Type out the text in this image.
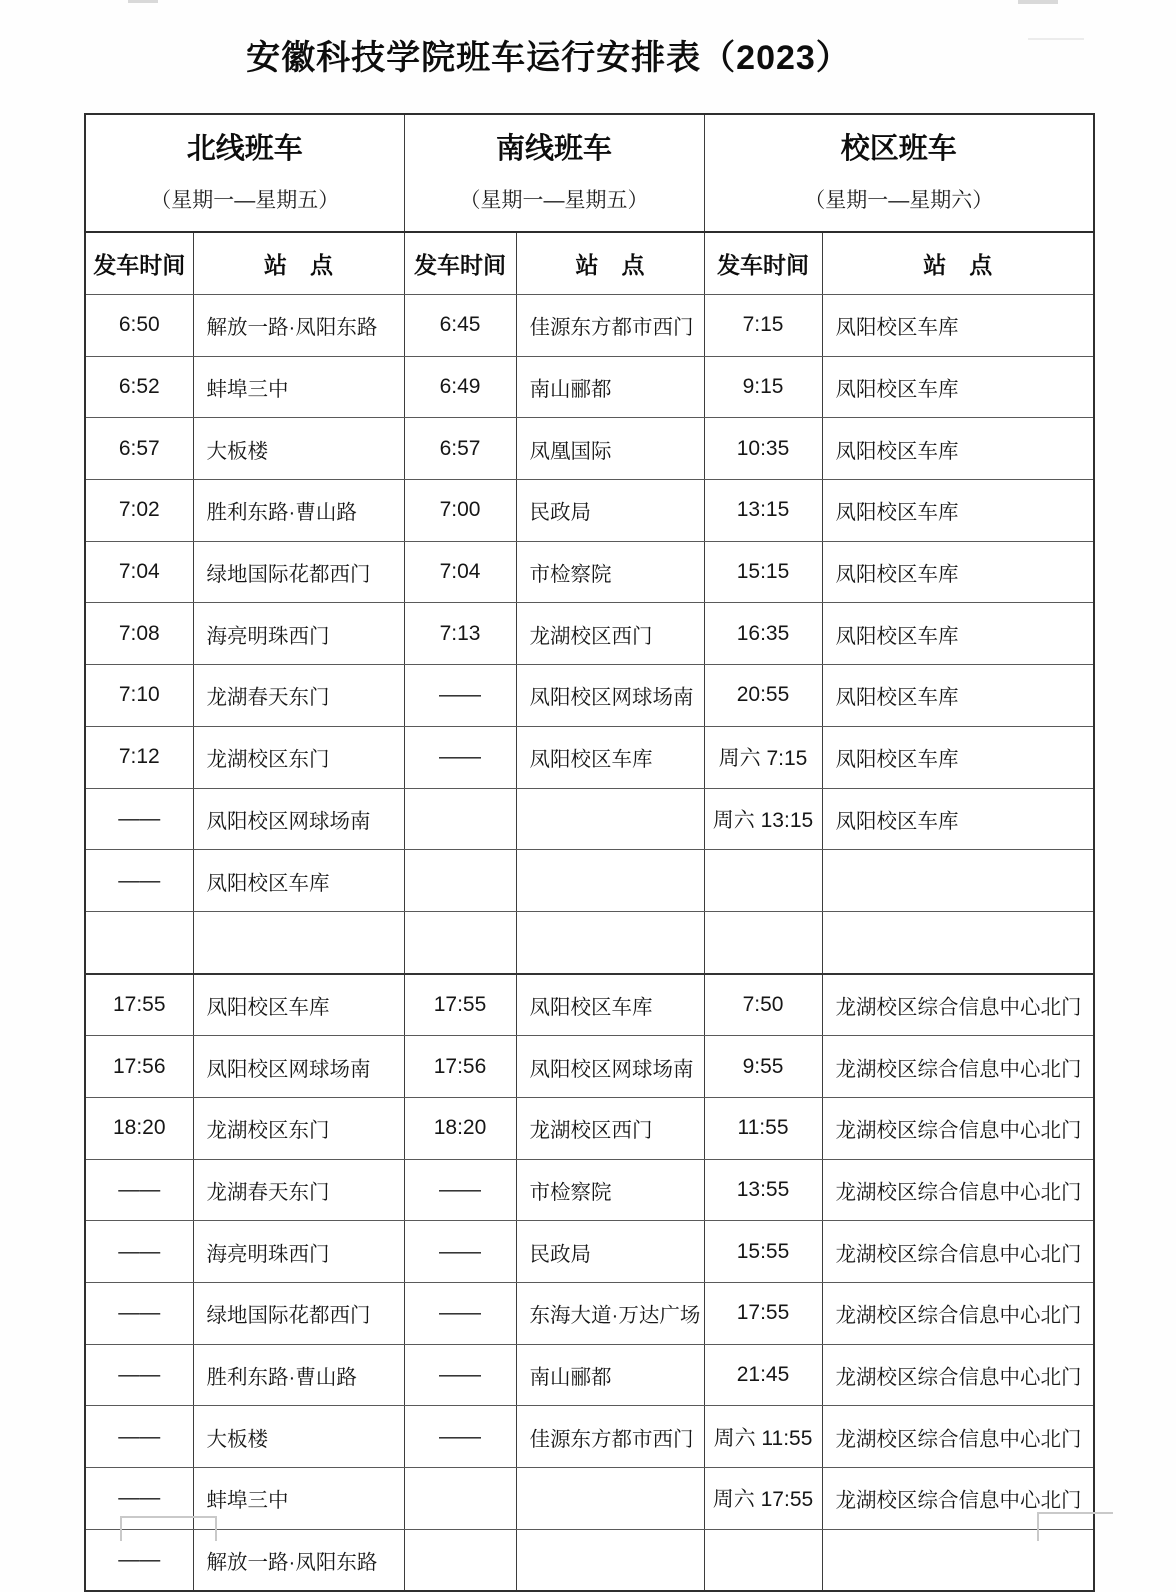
安徽科技学院班车运行安排表（2023）
北线班车
（星期一—星期五）

南线班车
（星期一—星期五）

校区班车
（星期一—星期六）

发车时间	站　点	发车时间	站　点	发车时间	站　点
6:50	解放一路·凤阳东路	6:45	佳源东方都市西门	7:15	凤阳校区车库
6:52	蚌埠三中	6:49	南山郦都	9:15	凤阳校区车库
6:57	大板楼	6:57	凤凰国际	10:35	凤阳校区车库
7:02	胜利东路·曹山路	7:00	民政局	13:15	凤阳校区车库
7:04	绿地国际花都西门	7:04	市检察院	15:15	凤阳校区车库
7:08	海亮明珠西门	7:13	龙湖校区西门	16:35	凤阳校区车库
7:10	龙湖春天东门	——	凤阳校区网球场南	20:55	凤阳校区车库
7:12	龙湖校区东门	——	凤阳校区车库	周六 7:15	凤阳校区车库
——	凤阳校区网球场南			周六 13:15	凤阳校区车库
——	凤阳校区车库				

17:55	凤阳校区车库	17:55	凤阳校区车库	7:50	龙湖校区综合信息中心北门
17:56	凤阳校区网球场南	17:56	凤阳校区网球场南	9:55	龙湖校区综合信息中心北门
18:20	龙湖校区东门	18:20	龙湖校区西门	11:55	龙湖校区综合信息中心北门
——	龙湖春天东门	——	市检察院	13:55	龙湖校区综合信息中心北门
——	海亮明珠西门	——	民政局	15:55	龙湖校区综合信息中心北门
——	绿地国际花都西门	——	东海大道·万达广场	17:55	龙湖校区综合信息中心北门
——	胜利东路·曹山路	——	南山郦都	21:45	龙湖校区综合信息中心北门
——	大板楼	——	佳源东方都市西门	周六 11:55	龙湖校区综合信息中心北门
——	蚌埠三中			周六 17:55	龙湖校区综合信息中心北门
——	解放一路·凤阳东路				
